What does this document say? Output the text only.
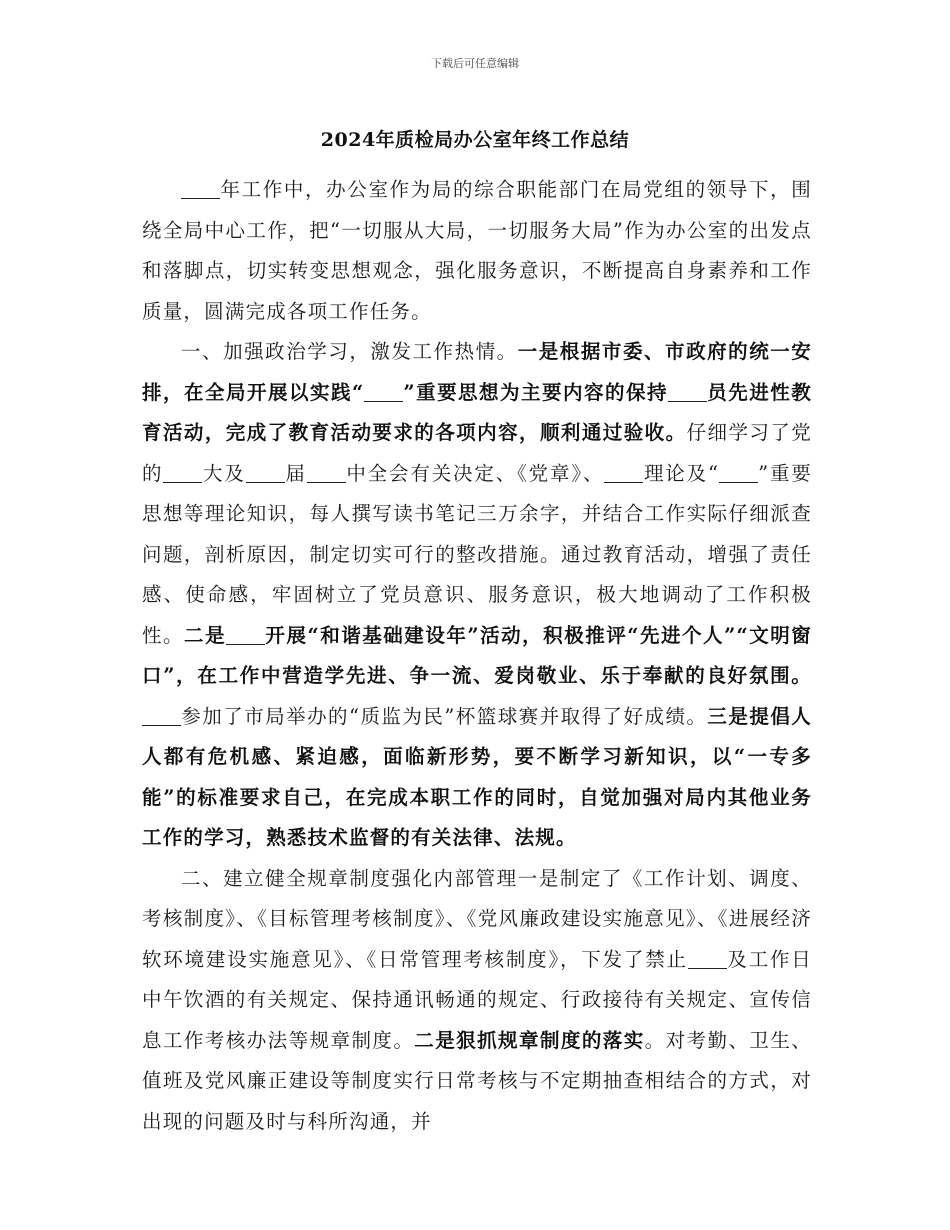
下载后可任意编辑
2024年质检局办公室年终工作总结

年工作中，办公室作为局的综合职能部门在局党组的领导下，围绕全局中心工作，把“一切服从大局，一切服务大局”作为办公室的出发点和落脚点，切实转变思想观念，强化服务意识，不断提高自身素养和工作质量，圆满完成各项工作任务。

一、加强政治学习，激发工作热情。一是根据市委、市政府的统一安排，在全局开展以实践“ ”重要思想为主要内容的保持 员先进性教育活动，完成了教育活动要求的各项内容，顺利通过验收。仔细学习了党的 大及 届 中全会有关决定、《党章》、 理论及“ ”重要思想等理论知识，每人撰写读书笔记三万余字，并结合工作实际仔细派查问题，剖析原因，制定切实可行的整改措施。通过教育活动，增强了责任感、使命感，牢固树立了党员意识、服务意识，极大地调动了工作积极性。二是 开展“和谐基础建设年”活动，积极推评“先进个人”“文明窗口”，在工作中营造学先进、争一流、爱岗敬业、乐于奉献的良好氛围。参加了市局举办的“质监为民”杯篮球赛并取得了好成绩。三是提倡人人都有危机感、紧迫感，面临新形势，要不断学习新知识，以“一专多能”的标准要求自己，在完成本职工作的同时，自觉加强对局内其他业务工作的学习，熟悉技术监督的有关法律、法规。

二、建立健全规章制度强化内部管理一是制定了《工作计划、调度、考核制度》、《目标管理考核制度》、《党风廉政建设实施意见》、《进展经济软环境建设实施意见》、《日常管理考核制度》，下发了禁止 及工作日中午饮酒的有关规定、保持通讯畅通的规定、行政接待有关规定、宣传信息工作考核办法等规章制度。二是狠抓规章制度的落实。对考勤、卫生、值班及党风廉正建设等制度实行日常考核与不定期抽查相结合的方式，对出现的问题及时与科所沟通，并
